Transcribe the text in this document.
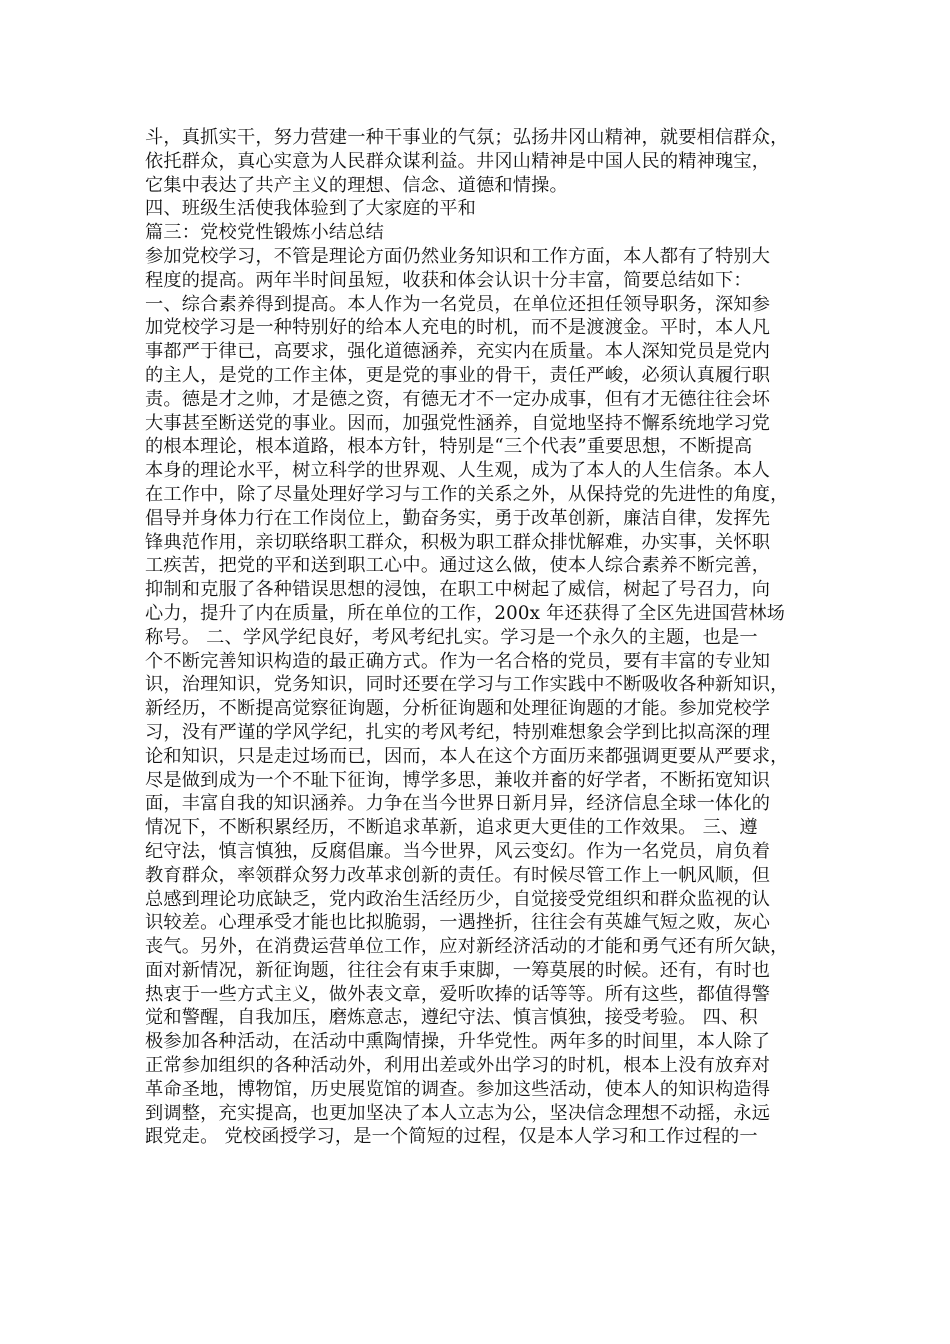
斗，真抓实干，努力营建一种干事业的气氛；弘扬井冈山精神，就要相信群众，
依托群众，真心实意为人民群众谋利益。井冈山精神是中国人民的精神瑰宝，
它集中表达了共产主义的理想、信念、道德和情操。
四、班级生活使我体验到了大家庭的平和
篇三：党校党性锻炼小结总结
参加党校学习，不管是理论方面仍然业务知识和工作方面，本人都有了特别大
程度的提高。两年半时间虽短，收获和体会认识十分丰富，简要总结如下：
一、综合素养得到提高。本人作为一名党员，在单位还担任领导职务，深知参
加党校学习是一种特别好的给本人充电的时机，而不是渡渡金。平时，本人凡
事都严于律已，高要求，强化道德涵养，充实内在质量。本人深知党员是党内
的主人，是党的工作主体，更是党的事业的骨干，责任严峻，必须认真履行职
责。德是才之帅，才是德之资，有德无才不一定办成事，但有才无德往往会坏
大事甚至断送党的事业。因而，加强党性涵养，自觉地坚持不懈系统地学习党
的根本理论，根本道路，根本方针，特别是“三个代表”重要思想，不断提高
本身的理论水平，树立科学的世界观、人生观，成为了本人的人生信条。本人
在工作中，除了尽量处理好学习与工作的关系之外，从保持党的先进性的角度，
倡导并身体力行在工作岗位上，勤奋务实，勇于改革创新，廉洁自律，发挥先
锋典范作用，亲切联络职工群众，积极为职工群众排忧解难，办实事，关怀职
工疾苦，把党的平和送到职工心中。通过这么做，使本人综合素养不断完善，
抑制和克服了各种错误思想的浸蚀，在职工中树起了威信，树起了号召力，向
心力，提升了内在质量，所在单位的工作，200x 年还获得了全区先进国营林场
称号。 二、学风学纪良好，考风考纪扎实。学习是一个永久的主题，也是一
个不断完善知识构造的最正确方式。作为一名合格的党员，要有丰富的专业知
识，治理知识，党务知识，同时还要在学习与工作实践中不断吸收各种新知识，
新经历，不断提高觉察征询题，分析征询题和处理征询题的才能。参加党校学
习，没有严谨的学风学纪，扎实的考风考纪，特别难想象会学到比拟高深的理
论和知识，只是走过场而已，因而，本人在这个方面历来都强调更要从严要求，
尽是做到成为一个不耻下征询，博学多思，兼收并畜的好学者，不断拓宽知识
面，丰富自我的知识涵养。力争在当今世界日新月异，经济信息全球一体化的
情况下，不断积累经历，不断追求革新，追求更大更佳的工作效果。 三、遵
纪守法，慎言慎独，反腐倡廉。当今世界，风云变幻。作为一名党员，肩负着
教育群众，率领群众努力改革求创新的责任。有时候尽管工作上一帆风顺，但
总感到理论功底缺乏，党内政治生活经历少，自觉接受党组织和群众监视的认
识较差。心理承受才能也比拟脆弱，一遇挫折，往往会有英雄气短之败，灰心
丧气。另外，在消费运营单位工作，应对新经济活动的才能和勇气还有所欠缺，
面对新情况，新征询题，往往会有束手束脚，一筹莫展的时候。还有，有时也
热衷于一些方式主义，做外表文章，爱听吹捧的话等等。所有这些，都值得警
觉和警醒，自我加压，磨炼意志，遵纪守法、慎言慎独，接受考验。 四、积
极参加各种活动，在活动中熏陶情操，升华党性。两年多的时间里，本人除了
正常参加组织的各种活动外，利用出差或外出学习的时机，根本上没有放弃对
革命圣地，博物馆，历史展览馆的调查。参加这些活动，使本人的知识构造得
到调整，充实提高，也更加坚决了本人立志为公，坚决信念理想不动摇，永远
跟党走。 党校函授学习，是一个简短的过程，仅是本人学习和工作过程的一
